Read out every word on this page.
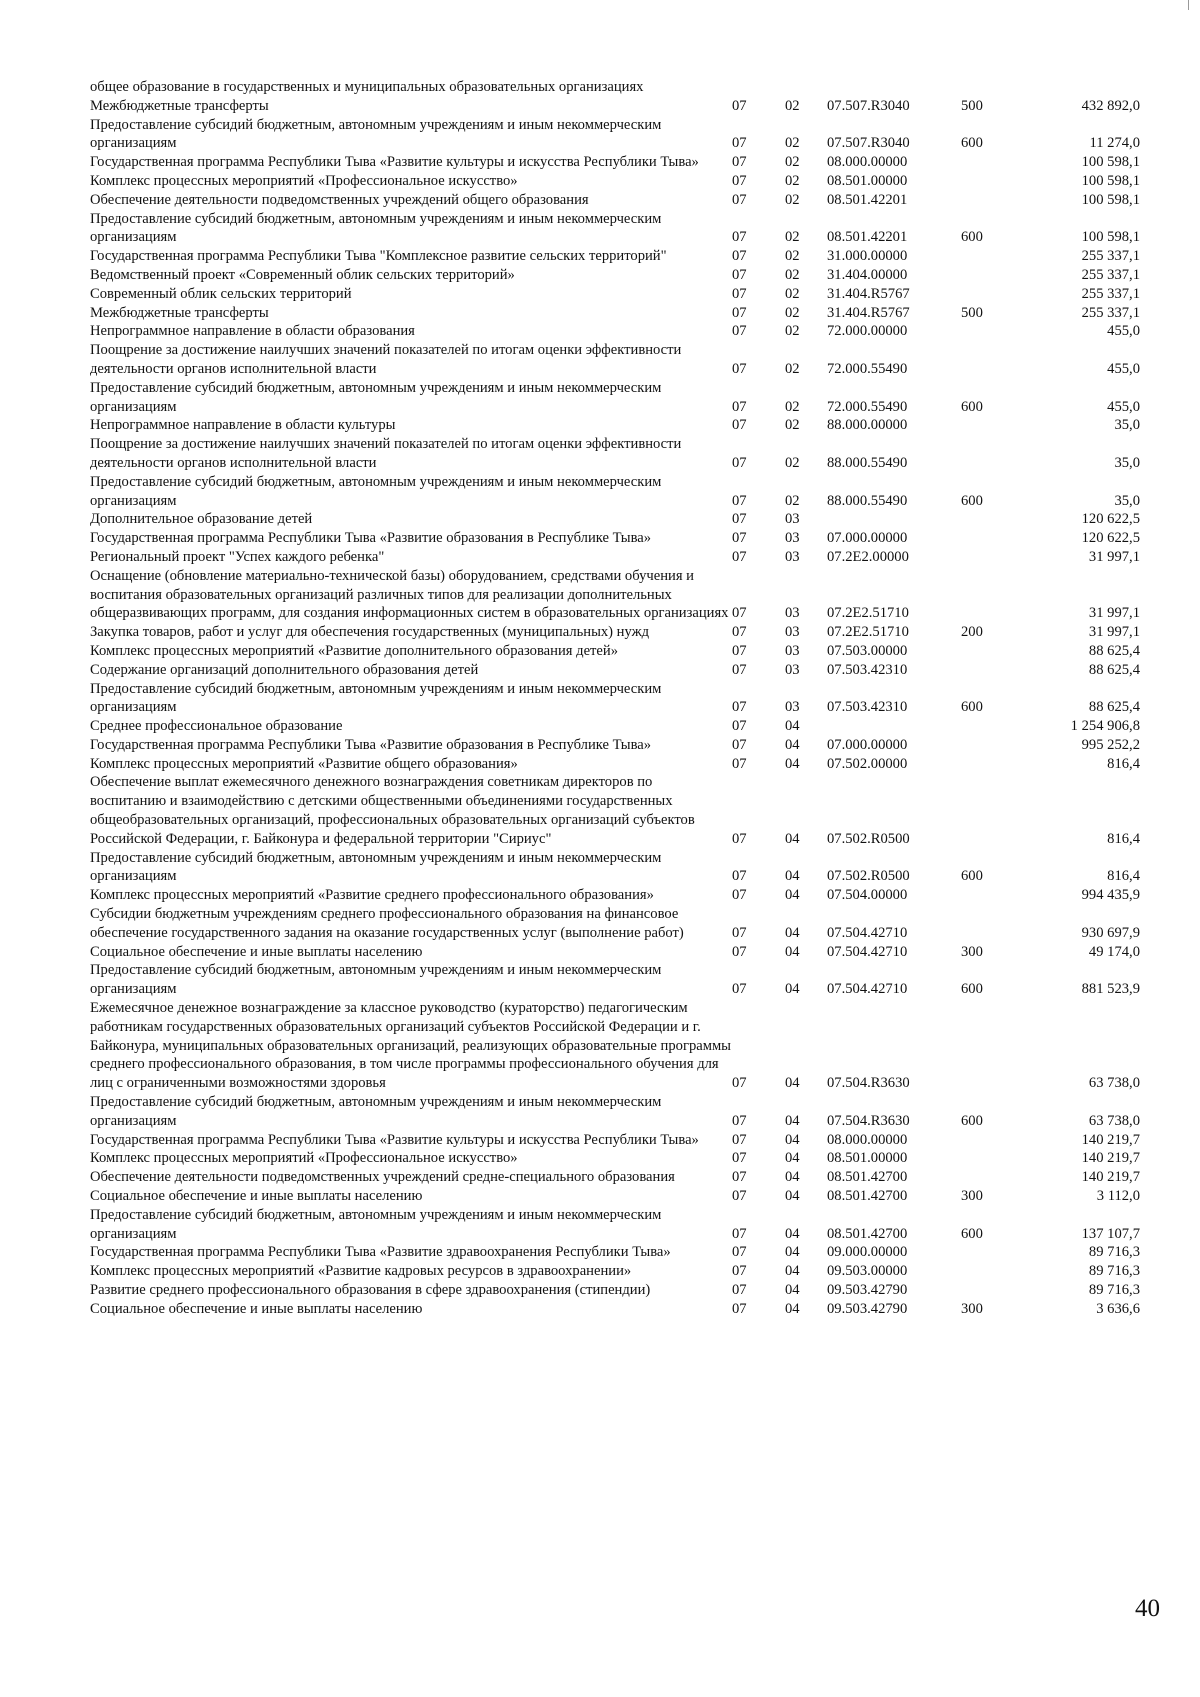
общее образование в государственных и муниципальных образовательных организациях					
Межбюджетные трансферты	07	02	07.507.R3040	500	432 892,0
Предоставление субсидий бюджетным, автономным учреждениям и иным некоммерческим организациям	07	02	07.507.R3040	600	11 274,0
Государственная программа Республики Тыва «Развитие культуры и искусства Республики Тыва»	07	02	08.000.00000		100 598,1
Комплекс процессных мероприятий «Профессиональное искусство»	07	02	08.501.00000		100 598,1
Обеспечение деятельности подведомственных учреждений общего образования	07	02	08.501.42201		100 598,1
Предоставление субсидий бюджетным, автономным учреждениям и иным некоммерческим организациям	07	02	08.501.42201	600	100 598,1
Государственная программа Республики Тыва "Комплексное развитие сельских территорий"	07	02	31.000.00000		255 337,1
Ведомственный проект «Современный облик сельских территорий»	07	02	31.404.00000		255 337,1
Современный облик сельских территорий	07	02	31.404.R5767		255 337,1
Межбюджетные трансферты	07	02	31.404.R5767	500	255 337,1
Непрограммное направление в области образования	07	02	72.000.00000		455,0
Поощрение за достижение наилучших значений показателей по итогам оценки эффективности деятельности органов исполнительной власти	07	02	72.000.55490		455,0
Предоставление субсидий бюджетным, автономным учреждениям и иным некоммерческим организациям	07	02	72.000.55490	600	455,0
Непрограммное направление в области культуры	07	02	88.000.00000		35,0
Поощрение за достижение наилучших значений показателей по итогам оценки эффективности деятельности органов исполнительной власти	07	02	88.000.55490		35,0
Предоставление субсидий бюджетным, автономным учреждениям и иным некоммерческим организациям	07	02	88.000.55490	600	35,0
Дополнительное образование детей	07	03			120 622,5
Государственная программа Республики Тыва «Развитие образования в Республике Тыва»	07	03	07.000.00000		120 622,5
Региональный проект "Успех каждого ребенка"	07	03	07.2Е2.00000		31 997,1
Оснащение (обновление материально-технической базы) оборудованием, средствами обучения и воспитания образовательных организаций различных типов для реализации дополнительных общеразвивающих программ, для создания информационных систем в образовательных организациях	07	03	07.2Е2.51710		31 997,1
Закупка товаров, работ и услуг для обеспечения государственных (муниципальных) нужд	07	03	07.2Е2.51710	200	31 997,1
Комплекс процессных мероприятий «Развитие дополнительного образования детей»	07	03	07.503.00000		88 625,4
Содержание организаций дополнительного образования детей	07	03	07.503.42310		88 625,4
Предоставление субсидий бюджетным, автономным учреждениям и иным некоммерческим организациям	07	03	07.503.42310	600	88 625,4
Среднее профессиональное образование	07	04			1 254 906,8
Государственная программа Республики Тыва «Развитие образования в Республике Тыва»	07	04	07.000.00000		995 252,2
Комплекс процессных мероприятий «Развитие общего образования»	07	04	07.502.00000		816,4
Обеспечение выплат ежемесячного денежного вознаграждения советникам директоров по воспитанию и взаимодействию с детскими общественными объединениями государственных общеобразовательных организаций, профессиональных образовательных организаций субъектов Российской Федерации, г. Байконура и федеральной территории "Сириус"	07	04	07.502.R0500		816,4
Предоставление субсидий бюджетным, автономным учреждениям и иным некоммерческим организациям	07	04	07.502.R0500	600	816,4
Комплекс процессных мероприятий «Развитие среднего профессионального образования»	07	04	07.504.00000		994 435,9
Субсидии бюджетным учреждениям среднего профессионального образования на финансовое обеспечение государственного задания на оказание государственных услуг (выполнение работ)	07	04	07.504.42710		930 697,9
Социальное обеспечение и иные выплаты населению	07	04	07.504.42710	300	49 174,0
Предоставление субсидий бюджетным, автономным учреждениям и иным некоммерческим организациям	07	04	07.504.42710	600	881 523,9
Ежемесячное денежное вознаграждение за классное руководство (кураторство) педагогическим работникам государственных образовательных организаций субъектов Российской Федерации и г. Байконура, муниципальных образовательных организаций, реализующих образовательные программы среднего профессионального образования, в том числе программы профессионального обучения для лиц с ограниченными возможностями здоровья	07	04	07.504.R3630		63 738,0
Предоставление субсидий бюджетным, автономным учреждениям и иным некоммерческим организациям	07	04	07.504.R3630	600	63 738,0
Государственная программа Республики Тыва «Развитие культуры и искусства Республики Тыва»	07	04	08.000.00000		140 219,7
Комплекс процессных мероприятий «Профессиональное искусство»	07	04	08.501.00000		140 219,7
Обеспечение деятельности подведомственных учреждений средне-специального образования	07	04	08.501.42700		140 219,7
Социальное обеспечение и иные выплаты населению	07	04	08.501.42700	300	3 112,0
Предоставление субсидий бюджетным, автономным учреждениям и иным некоммерческим организациям	07	04	08.501.42700	600	137 107,7
Государственная программа Республики Тыва «Развитие здравоохранения Республики Тыва»	07	04	09.000.00000		89 716,3
Комплекс процессных мероприятий «Развитие кадровых ресурсов в здравоохранении»	07	04	09.503.00000		89 716,3
Развитие среднего профессионального образования в сфере здравоохранения (стипендии)	07	04	09.503.42790		89 716,3
Социальное обеспечение и иные выплаты населению	07	04	09.503.42790	300	3 636,6
40
